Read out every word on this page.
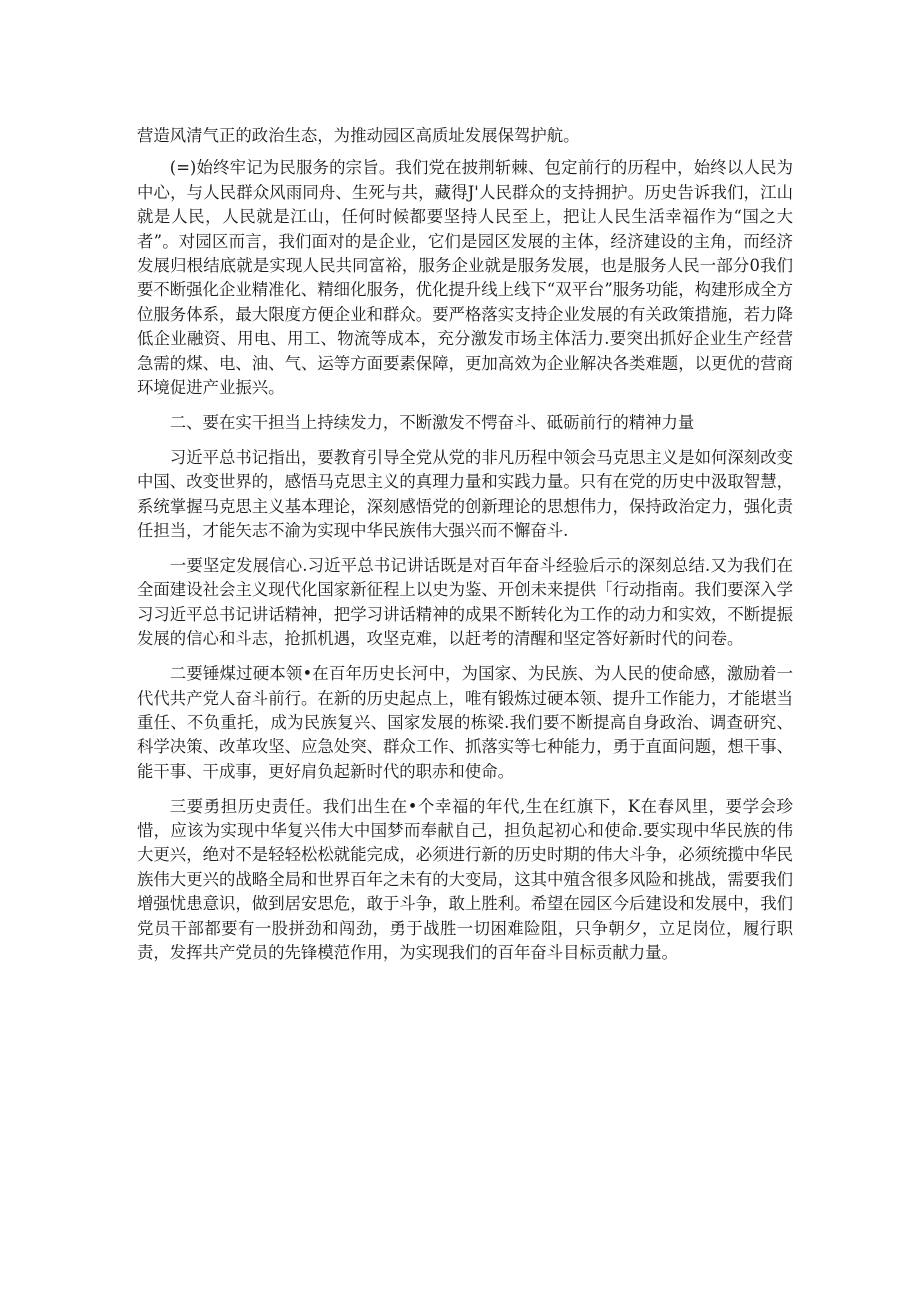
营造风清气正的政治生态，为推动园区高质址发展保驾护航。

(=)始终牢记为民服务的宗旨。我们党在披荆斩棘、包定前行的历程中，始终以人民为中心，与人民群众风雨同舟、生死与共，藏得J'人民群众的支持拥护。历史告诉我们，江山就是人民，人民就是江山，任何时候都要坚持人民至上，把让人民生活幸福作为“国之大者”。对园区而言，我们面对的是企业，它们是园区发展的主体，经济建设的主角，而经济发展归根结底就是实现人民共同富裕，服务企业就是服务发展，也是服务人民一部分0我们要不断强化企业精准化、精细化服务，优化提升线上线下“双平台”服务功能，构建形成全方位服务体系，最大限度方便企业和群众。要严格落实支持企业发展的有关政策措施，若力降低企业融资、用电、用工、物流等成本，充分激发市场主体活力.要突出抓好企业生产经营急需的煤、电、油、气、运等方面要素保障，更加高效为企业解决各类难题，以更优的营商环境促进产业振兴。

二、要在实干担当上持续发力，不断激发不愕奋斗、砥砺前行的精神力量

习近平总书记指出，要教育引导全党从党的非凡历程中领会马克思主义是如何深刻改变中国、改变世界的，感悟马克思主义的真理力量和实践力量。只有在党的历史中汲取智慧，系统掌握马克思主义基本理论，深刻感悟党的创新理论的思想伟力，保持政治定力，强化责任担当，才能矢志不渝为实现中华民族伟大强兴而不懈奋斗.

一要坚定发展信心.习近平总书记讲话既是对百年奋斗经验后示的深刻总结.又为我们在全面建设社会主义现代化国家新征程上以史为鉴、开创未来提供「行动指南。我们要深入学习习近平总书记讲话精神，把学习讲话精神的成果不断转化为工作的动力和实效，不断提振发展的信心和斗志，抢抓机遇，攻坚克难，以赶考的清醒和坚定答好新时代的问卷。

二要锤煤过硬本领•在百年历史长河中，为国家、为民族、为人民的使命感，激励着一代代共产党人奋斗前行。在新的历史起点上，唯有锻炼过硬本领、提升工作能力，才能堪当重任、不负重托，成为民族复兴、国家发展的栋梁.我们要不断提高自身政治、调查研究、科学决策、改革攻坚、应急处突、群众工作、抓落实等七种能力，勇于直面问题，想干事、能干事、干成事，更好肩负起新时代的职赤和使命。

三要勇担历史责任。我们出生在•个幸福的年代,生在红旗下，K在春风里，要学会珍惜，应该为实现中华复兴伟大中国梦而奉献自己，担负起初心和使命.要实现中华民族的伟大更兴，绝对不是轻轻松松就能完成，必须进行新的历史时期的伟大斗争，必须统揽中华民族伟大更兴的战略全局和世界百年之未有的大变局，这其中殖含很多风险和挑战，需要我们增强忧患意识，做到居安思危，敢于斗争，敢上胜利。希望在园区今后建设和发展中，我们党员干部都要有一股拼劲和闯劲，勇于战胜一切困难险阻，只争朝夕，立足岗位，履行职责，发挥共产党员的先锋模范作用，为实现我们的百年奋斗目标贡献力量。
